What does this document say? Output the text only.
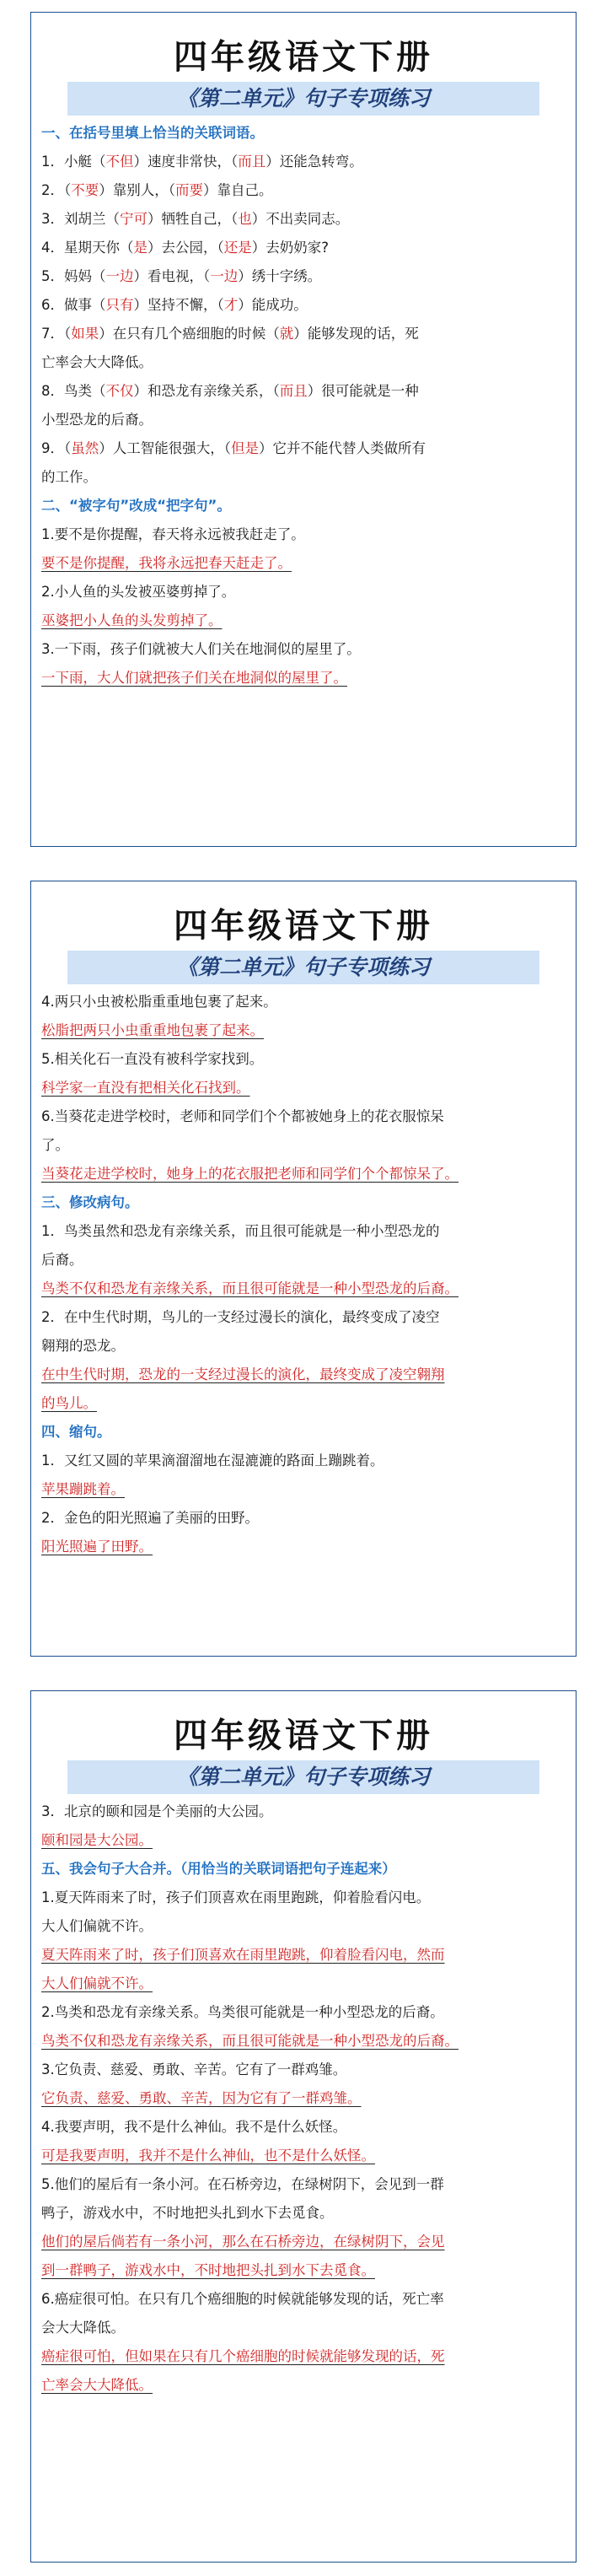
四年级语文下册
《第二单元》句子专项练习
一、在括号里填上恰当的关联词语。
1．小艇（不但）速度非常快，（而且）还能急转弯。
2．（不要）靠别人，（而要）靠自己。
3．刘胡兰（宁可）牺牲自己，（也）不出卖同志。
4．星期天你（是）去公园，（还是）去奶奶家?
5．妈妈（一边）看电视，（一边）绣十字绣。
6．做事（只有）坚持不懈，（才）能成功。
7．（如果）在只有几个癌细胞的时候（就）能够发现的话，死
亡率会大大降低。
8．鸟类（不仅）和恐龙有亲缘关系，（而且）很可能就是一种
小型恐龙的后裔。
9．（虽然）人工智能很强大，（但是）它并不能代替人类做所有
的工作。
二、“被字句”改成“把字句”。
1.要不是你提醒，春天将永远被我赶走了。
要不是你提醒，我将永远把春天赶走了。
2.小人鱼的头发被巫婆剪掉了。
巫婆把小人鱼的头发剪掉了。
3.一下雨，孩子们就被大人们关在地洞似的屋里了。
一下雨，大人们就把孩子们关在地洞似的屋里了。
四年级语文下册
《第二单元》句子专项练习
4.两只小虫被松脂重重地包裹了起来。
松脂把两只小虫重重地包裹了起来。
5.相关化石一直没有被科学家找到。
科学家一直没有把相关化石找到。
6.当葵花走进学校时，老师和同学们个个都被她身上的花衣服惊呆
了。
当葵花走进学校时，她身上的花衣服把老师和同学们个个都惊呆了。
三、修改病句。
1．鸟类虽然和恐龙有亲缘关系，而且很可能就是一种小型恐龙的
后裔。
鸟类不仅和恐龙有亲缘关系，而且很可能就是一种小型恐龙的后裔。
2．在中生代时期，鸟儿的一支经过漫长的演化，最终变成了凌空
翱翔的恐龙。
在中生代时期，恐龙的一支经过漫长的演化，最终变成了凌空翱翔
的鸟儿。
四、缩句。
1．又红又圆的苹果滴溜溜地在湿漉漉的路面上蹦跳着。
苹果蹦跳着。
2．金色的阳光照遍了美丽的田野。
阳光照遍了田野。
四年级语文下册
《第二单元》句子专项练习
3．北京的颐和园是个美丽的大公园。
颐和园是大公园。
五、我会句子大合并。（用恰当的关联词语把句子连起来）
1.夏天阵雨来了时，孩子们顶喜欢在雨里跑跳，仰着脸看闪电。
大人们偏就不许。
夏天阵雨来了时，孩子们顶喜欢在雨里跑跳，仰着脸看闪电，然而
大人们偏就不许。
2.鸟类和恐龙有亲缘关系。鸟类很可能就是一种小型恐龙的后裔。
鸟类不仅和恐龙有亲缘关系，而且很可能就是一种小型恐龙的后裔。
3.它负责、慈爱、勇敢、辛苦。它有了一群鸡雏。
它负责、慈爱、勇敢、辛苦，因为它有了一群鸡雏。
4.我要声明，我不是什么神仙。我不是什么妖怪。
可是我要声明，我并不是什么神仙，也不是什么妖怪。
5.他们的屋后有一条小河。在石桥旁边，在绿树阴下，会见到一群
鸭子，游戏水中，不时地把头扎到水下去觅食。
他们的屋后倘若有一条小河，那么在石桥旁边，在绿树阴下，会见
到一群鸭子，游戏水中，不时地把头扎到水下去觅食。
6.癌症很可怕。在只有几个癌细胞的时候就能够发现的话，死亡率
会大大降低。
癌症很可怕，但如果在只有几个癌细胞的时候就能够发现的话，死
亡率会大大降低。
